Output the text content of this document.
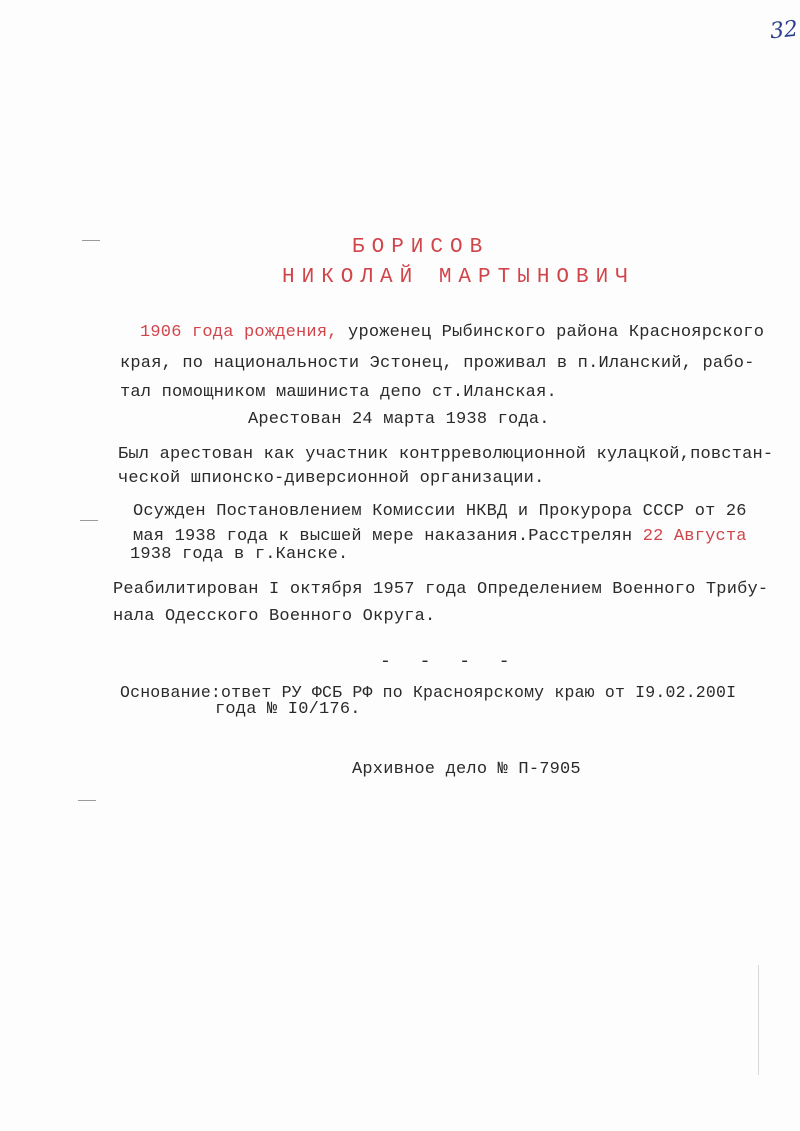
32
БОРИСОВ
НИКОЛАЙ МАРТЫНОВИЧ
1906 года рождения, уроженец Рыбинского района Красноярского
края, по национальности Эстонец, проживал в п.Иланский, рабо-
тал помощником машиниста депо ст.Иланская.
Арестован 24 марта 1938 года.
Был арестован как участник контрреволюционной кулацкой,повстан-
ческой шпионско-диверсионной организации.
Осужден Постановлением Комиссии НКВД и Прокурора СССР от 26
мая 1938 года к высшей мере наказания.Расстрелян 22 Августа
1938 года в г.Канске.
Реабилитирован I октября 1957 года Определением Военного Трибу-
нала Одесского Военного Округа.
- - - -
Основание:ответ РУ ФСБ РФ по Красноярскому краю от I9.02.200I
года № I0/176.
Архивное дело № П-7905
